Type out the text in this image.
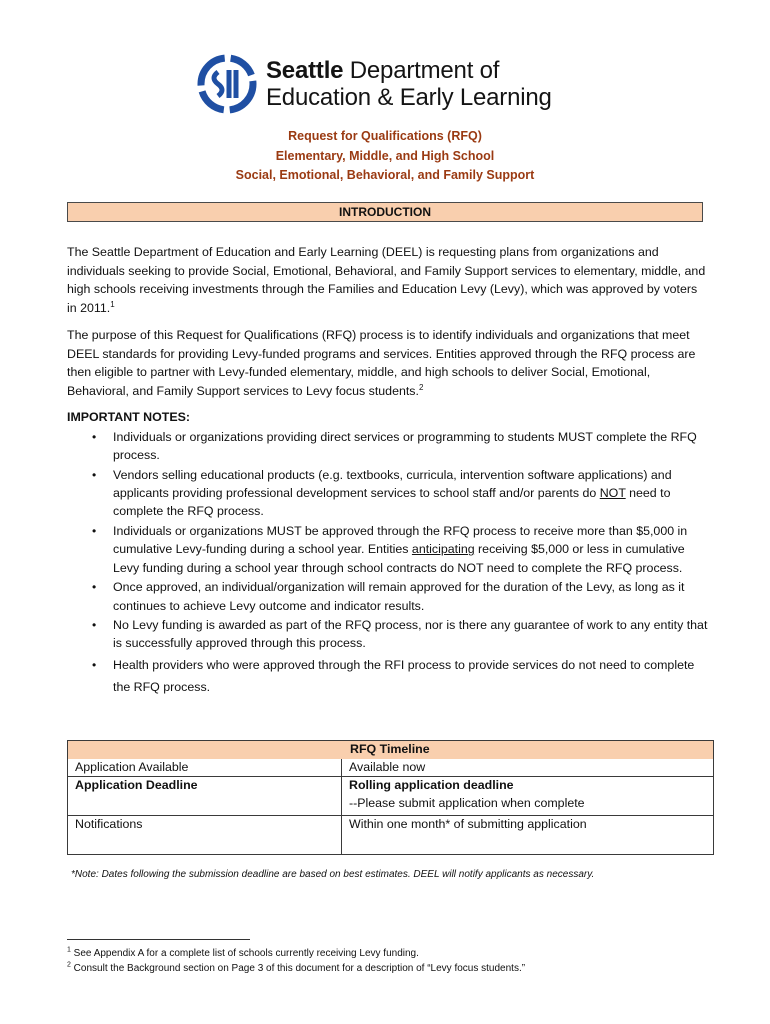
Seattle Department of
Education & Early Learning
Request for Qualifications (RFQ)
Elementary, Middle, and High School
Social, Emotional, Behavioral, and Family Support
INTRODUCTION

The Seattle Department of Education and Early Learning (DEEL) is requesting plans from organizations and individuals seeking to provide Social, Emotional, Behavioral, and Family Support services to elementary, middle, and high schools receiving investments through the Families and Education Levy (Levy), which was approved by voters in 2011.$^1$

The purpose of this Request for Qualifications (RFQ) process is to identify individuals and organizations that meet DEEL standards for providing Levy-funded programs and services. Entities approved through the RFQ process are then eligible to partner with Levy-funded elementary, middle, and high schools to deliver Social, Emotional, Behavioral, and Family Support services to Levy focus students.$^2$

IMPORTANT NOTES:
• Individuals or organizations providing direct services or programming to students MUST complete the RFQ process.
• Vendors selling educational products (e.g. textbooks, curricula, intervention software applications) and applicants providing professional development services to school staff and/or parents do NOT need to complete the RFQ process.
• Individuals or organizations MUST be approved through the RFQ process to receive more than $5,000 in cumulative Levy-funding during a school year. Entities anticipating receiving $5,000 or less in cumulative Levy funding during a school year through school contracts do NOT need to complete the RFQ process.
• Once approved, an individual/organization will remain approved for the duration of the Levy, as long as it continues to achieve Levy outcome and indicator results.
• No Levy funding is awarded as part of the RFQ process, nor is there any guarantee of work to any entity that is successfully approved through this process.
• Health providers who were approved through the RFI process to provide services do not need to complete the RFQ process.
RFQ Timeline	

Application Available	Available now
Application Deadline	Rolling application deadline
--Please submit application when complete

Notifications	Within one month* of submitting application
*Note: Dates following the submission deadline are based on best estimates. DEEL will notify applicants as necessary.
$^1$ See Appendix A for a complete list of schools currently receiving Levy funding.
$^2$ Consult the Background section on Page 3 of this document for a description of “Levy focus students.”
